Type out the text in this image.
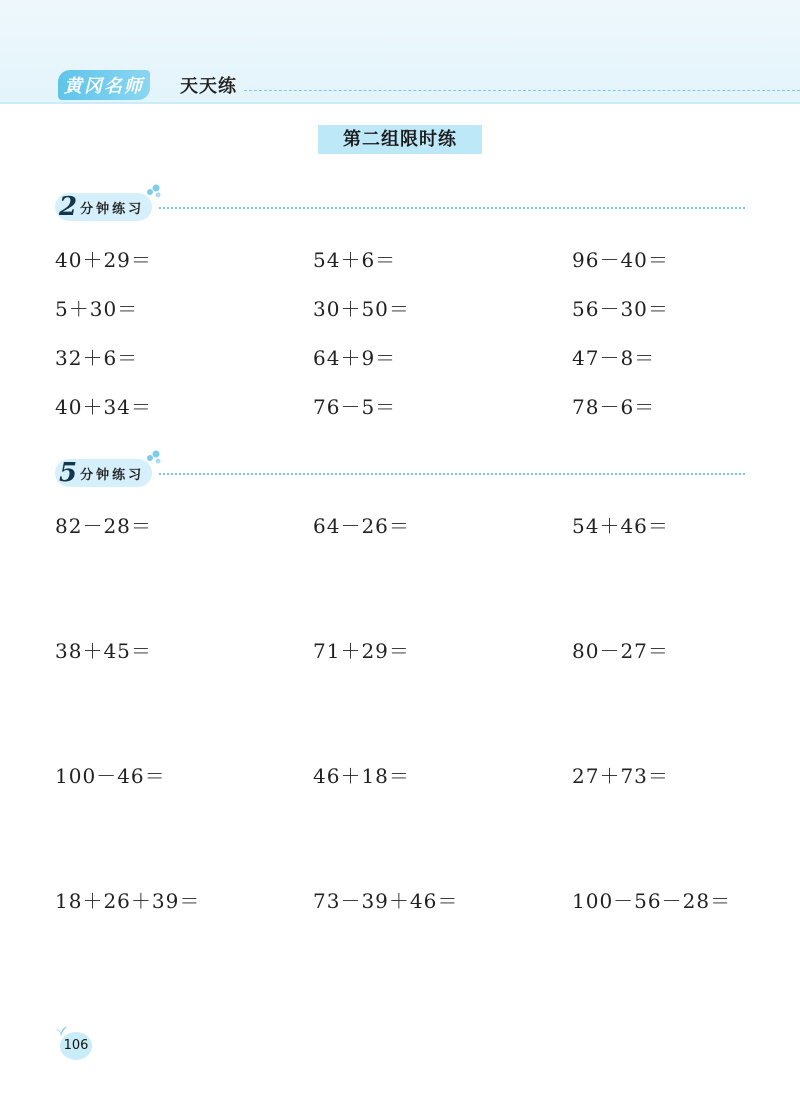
黄冈名师	天天练
第二组限时练
2 分钟练习
40＋29＝	54＋6＝	96－40＝
5＋30＝	30＋50＝	56－30＝
32＋6＝	64＋9＝	47－8＝
40＋34＝	76－5＝	78－6＝
5 分钟练习
82－28＝	64－26＝	54＋46＝
38＋45＝	71＋29＝	80－27＝
100－46＝	46＋18＝	27＋73＝
18＋26＋39＝	73－39＋46＝	100－56－28＝
106
